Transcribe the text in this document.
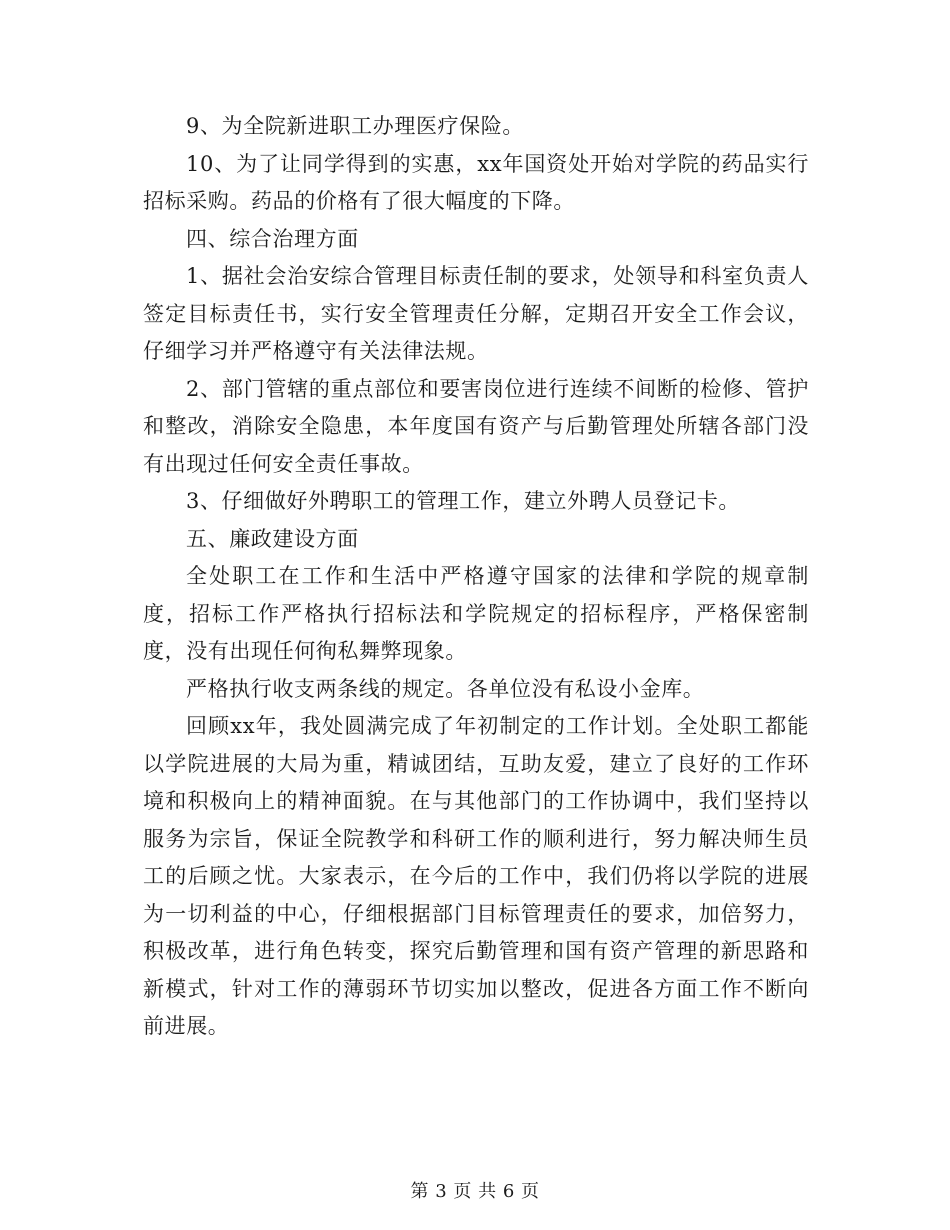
9、为全院新进职工办理医疗保险。

10、为了让同学得到的实惠，xx年国资处开始对学院的药品实行招标采购。药品的价格有了很大幅度的下降。

四、综合治理方面

1、据社会治安综合管理目标责任制的要求，处领导和科室负责人签定目标责任书，实行安全管理责任分解，定期召开安全工作会议，仔细学习并严格遵守有关法律法规。

2、部门管辖的重点部位和要害岗位进行连续不间断的检修、管护和整改，消除安全隐患，本年度国有资产与后勤管理处所辖各部门没有出现过任何安全责任事故。

3、仔细做好外聘职工的管理工作，建立外聘人员登记卡。

五、廉政建设方面

全处职工在工作和生活中严格遵守国家的法律和学院的规章制度，招标工作严格执行招标法和学院规定的招标程序，严格保密制度，没有出现任何徇私舞弊现象。

严格执行收支两条线的规定。各单位没有私设小金库。

回顾xx年，我处圆满完成了年初制定的工作计划。全处职工都能以学院进展的大局为重，精诚团结，互助友爱，建立了良好的工作环境和积极向上的精神面貌。在与其他部门的工作协调中，我们坚持以服务为宗旨，保证全院教学和科研工作的顺利进行，努力解决师生员工的后顾之忧。大家表示，在今后的工作中，我们仍将以学院的进展为一切利益的中心，仔细根据部门目标管理责任的要求，加倍努力，积极改革，进行角色转变，探究后勤管理和国有资产管理的新思路和新模式，针对工作的薄弱环节切实加以整改，促进各方面工作不断向前进展。

第 3 页 共 6 页
